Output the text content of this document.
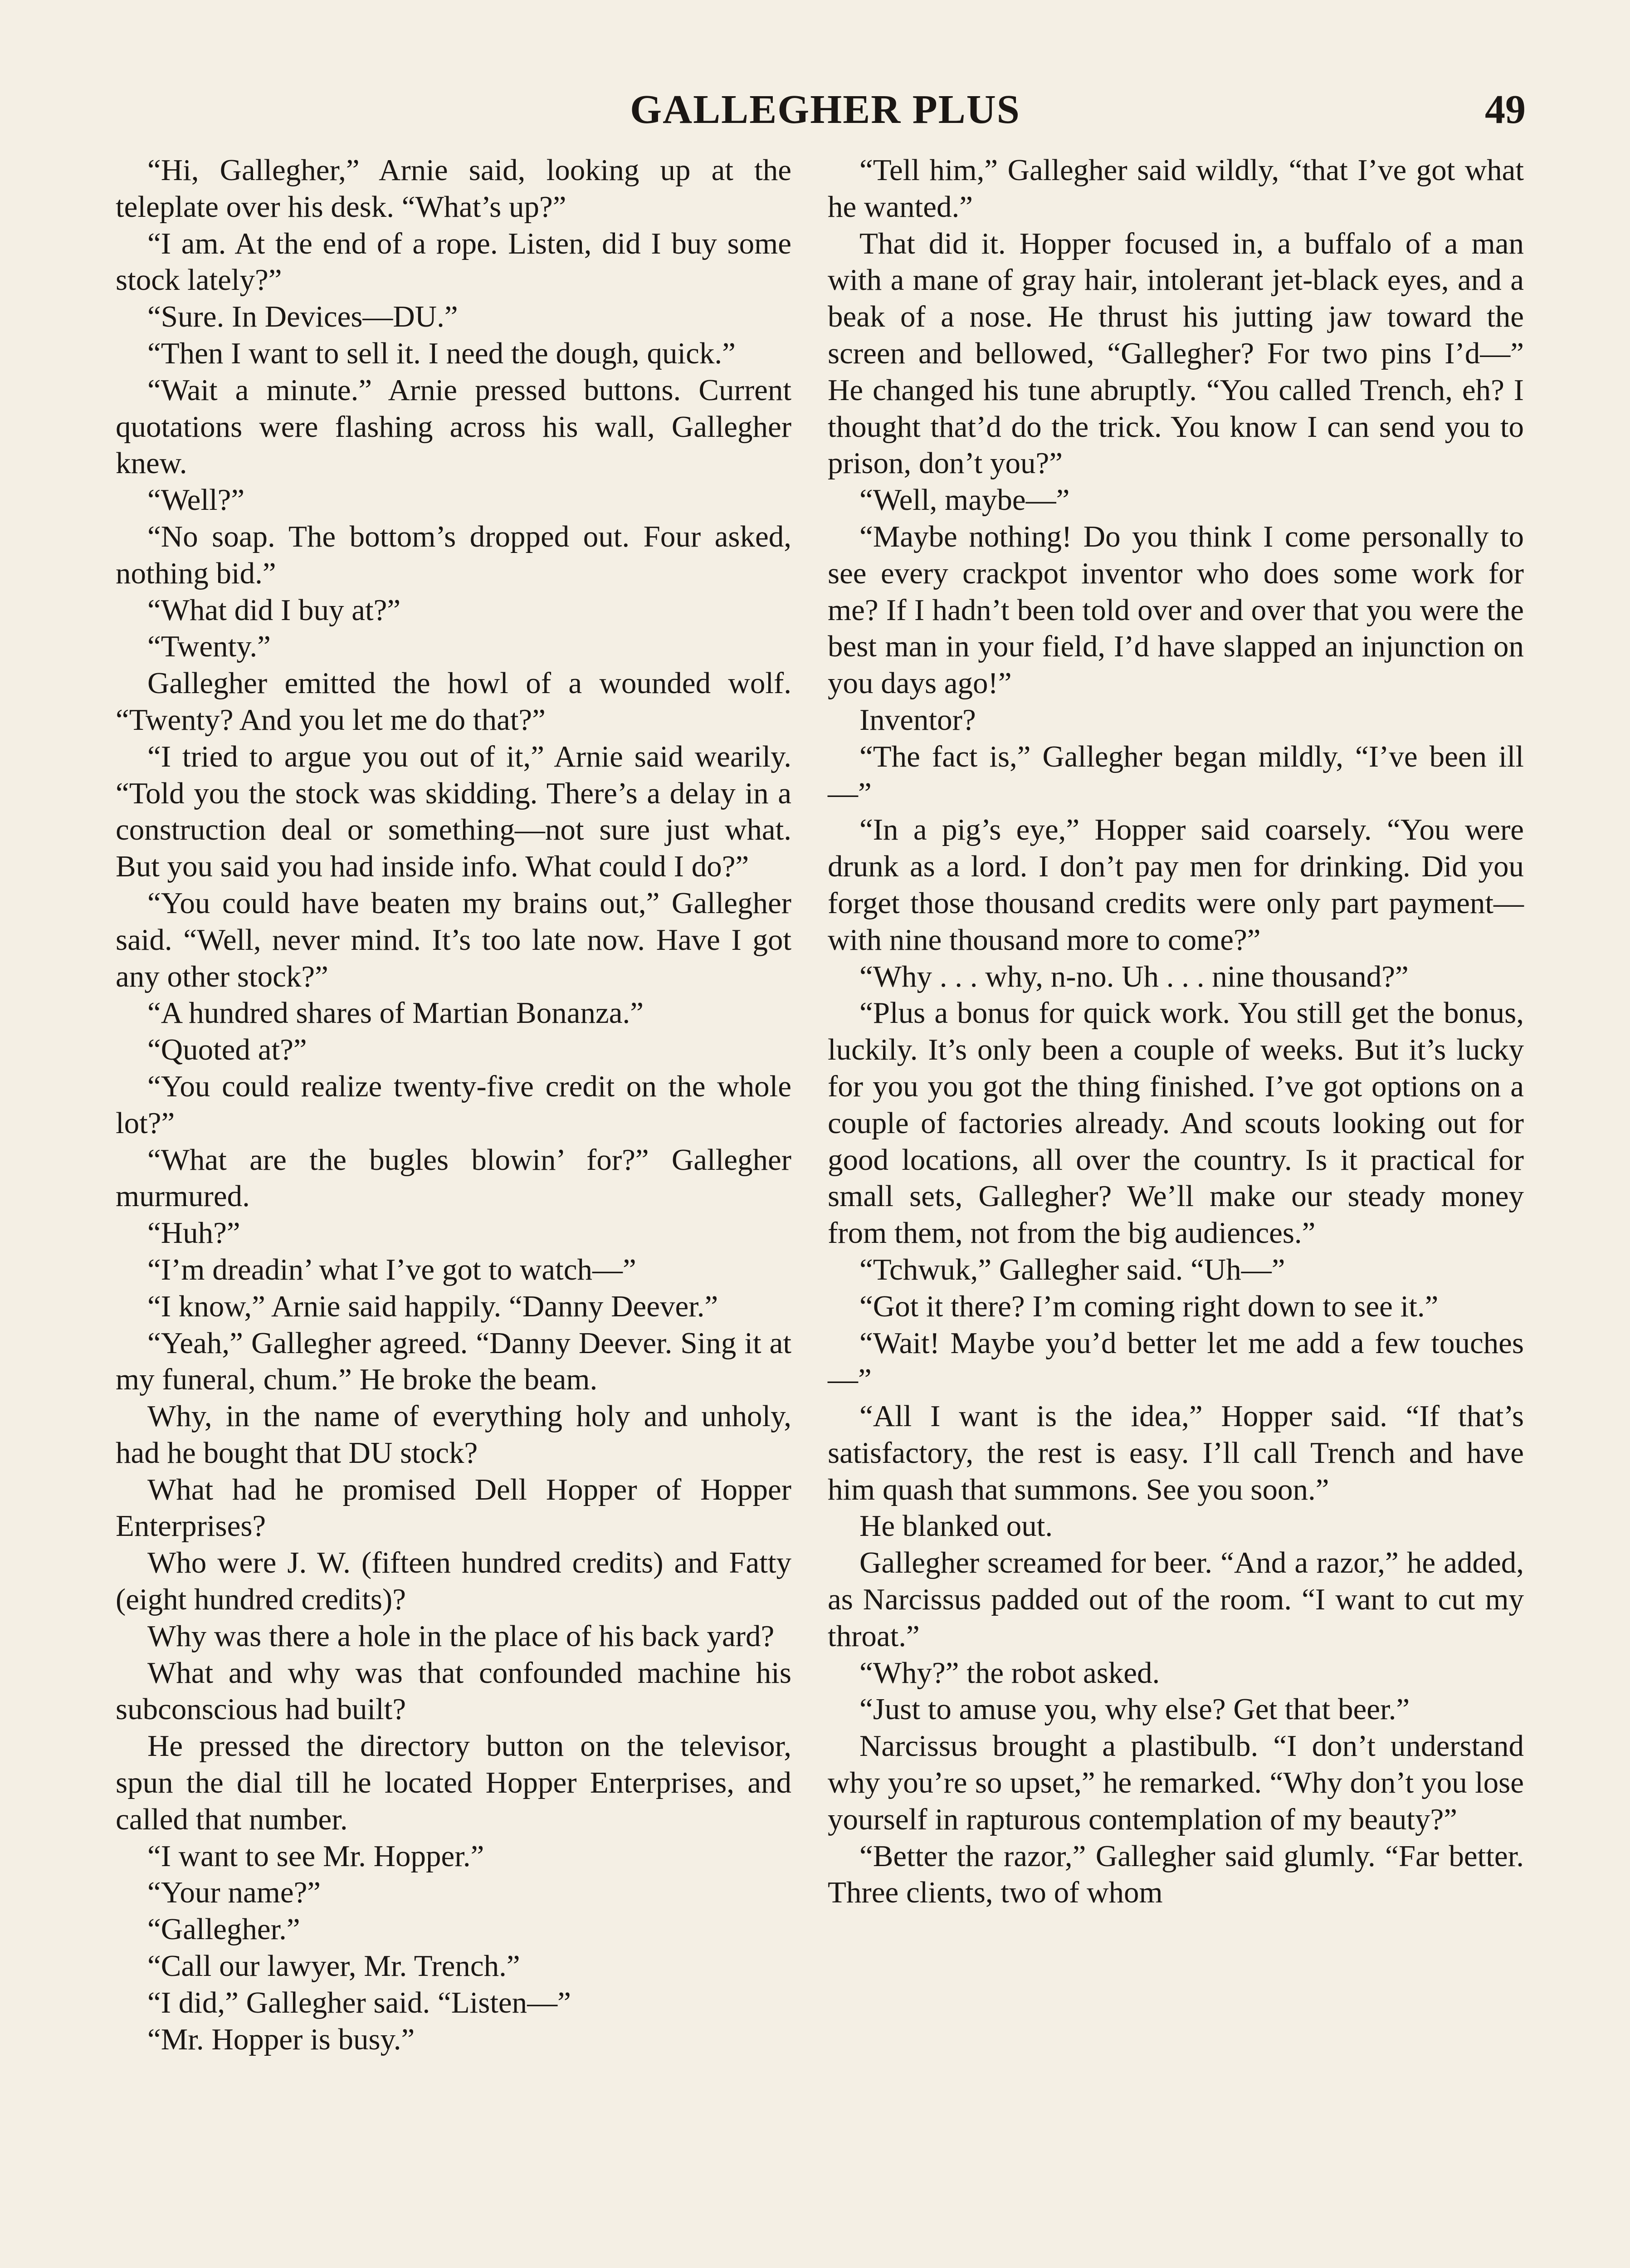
GALLEGHER PLUS	49

“Hi, Gallegher,” Arnie said, looking up at the teleplate over his desk. “What’s up?”

“I am. At the end of a rope. Listen, did I buy some stock lately?”

“Sure. In Devices—DU.”

“Then I want to sell it. I need the dough, quick.”

“Wait a minute.” Arnie pressed buttons. Current quotations were flashing across his wall, Gallegher knew.

“Well?”

“No soap. The bottom’s dropped out. Four asked, nothing bid.”

“What did I buy at?”

“Twenty.”

Gallegher emitted the howl of a wounded wolf. “Twenty? And you let me do that?”

“I tried to argue you out of it,” Arnie said wearily. “Told you the stock was skidding. There’s a delay in a construction deal or something—not sure just what. But you said you had inside info. What could I do?”

“You could have beaten my brains out,” Gallegher said. “Well, never mind. It’s too late now. Have I got any other stock?”

“A hundred shares of Martian Bonanza.”

“Quoted at?”

“You could realize twenty-five credit on the whole lot?”

“What are the bugles blowin’ for?” Gallegher murmured.

“Huh?”

“I’m dreadin’ what I’ve got to watch—”

“I know,” Arnie said happily. “Danny Deever.”

“Yeah,” Gallegher agreed. “Danny Deever. Sing it at my funeral, chum.” He broke the beam.

Why, in the name of everything holy and unholy, had he bought that DU stock?

What had he promised Dell Hopper of Hopper Enterprises?

Who were J. W. (fifteen hundred credits) and Fatty (eight hundred credits)?

Why was there a hole in the place of his back yard?

What and why was that confounded machine his subconscious had built?

He pressed the directory button on the televisor, spun the dial till he located Hopper Enterprises, and called that number.

“I want to see Mr. Hopper.”

“Your name?”

“Gallegher.”

“Call our lawyer, Mr. Trench.”

“I did,” Gallegher said. “Listen—”

“Mr. Hopper is busy.”

“Tell him,” Gallegher said wildly, “that I’ve got what he wanted.”

That did it. Hopper focused in, a buffalo of a man with a mane of gray hair, intolerant jet-black eyes, and a beak of a nose. He thrust his jutting jaw toward the screen and bellowed, “Gallegher? For two pins I’d—” He changed his tune abruptly. “You called Trench, eh? I thought that’d do the trick. You know I can send you to prison, don’t you?”

“Well, maybe—”

“Maybe nothing! Do you think I come personally to see every crackpot inventor who does some work for me? If I hadn’t been told over and over that you were the best man in your field, I’d have slapped an injunction on you days ago!”

Inventor?

“The fact is,” Gallegher began mildly, “I’ve been ill—”

“In a pig’s eye,” Hopper said coarsely. “You were drunk as a lord. I don’t pay men for drinking. Did you forget those thousand credits were only part payment—with nine thousand more to come?”

“Why . . . why, n-no. Uh . . . nine thousand?”

“Plus a bonus for quick work. You still get the bonus, luckily. It’s only been a couple of weeks. But it’s lucky for you you got the thing finished. I’ve got options on a couple of factories already. And scouts looking out for good locations, all over the country. Is it practical for small sets, Gallegher? We’ll make our steady money from them, not from the big audiences.”

“Tchwuk,” Gallegher said. “Uh—”

“Got it there? I’m coming right down to see it.”

“Wait! Maybe you’d better let me add a few touches—”

“All I want is the idea,” Hopper said. “If that’s satisfactory, the rest is easy. I’ll call Trench and have him quash that summons. See you soon.”

He blanked out.

Gallegher screamed for beer. “And a razor,” he added, as Narcissus padded out of the room. “I want to cut my throat.”

“Why?” the robot asked.

“Just to amuse you, why else? Get that beer.”

Narcissus brought a plastibulb. “I don’t understand why you’re so upset,” he remarked. “Why don’t you lose yourself in rapturous contemplation of my beauty?”

“Better the razor,” Gallegher said glumly. “Far better. Three clients, two of whom
